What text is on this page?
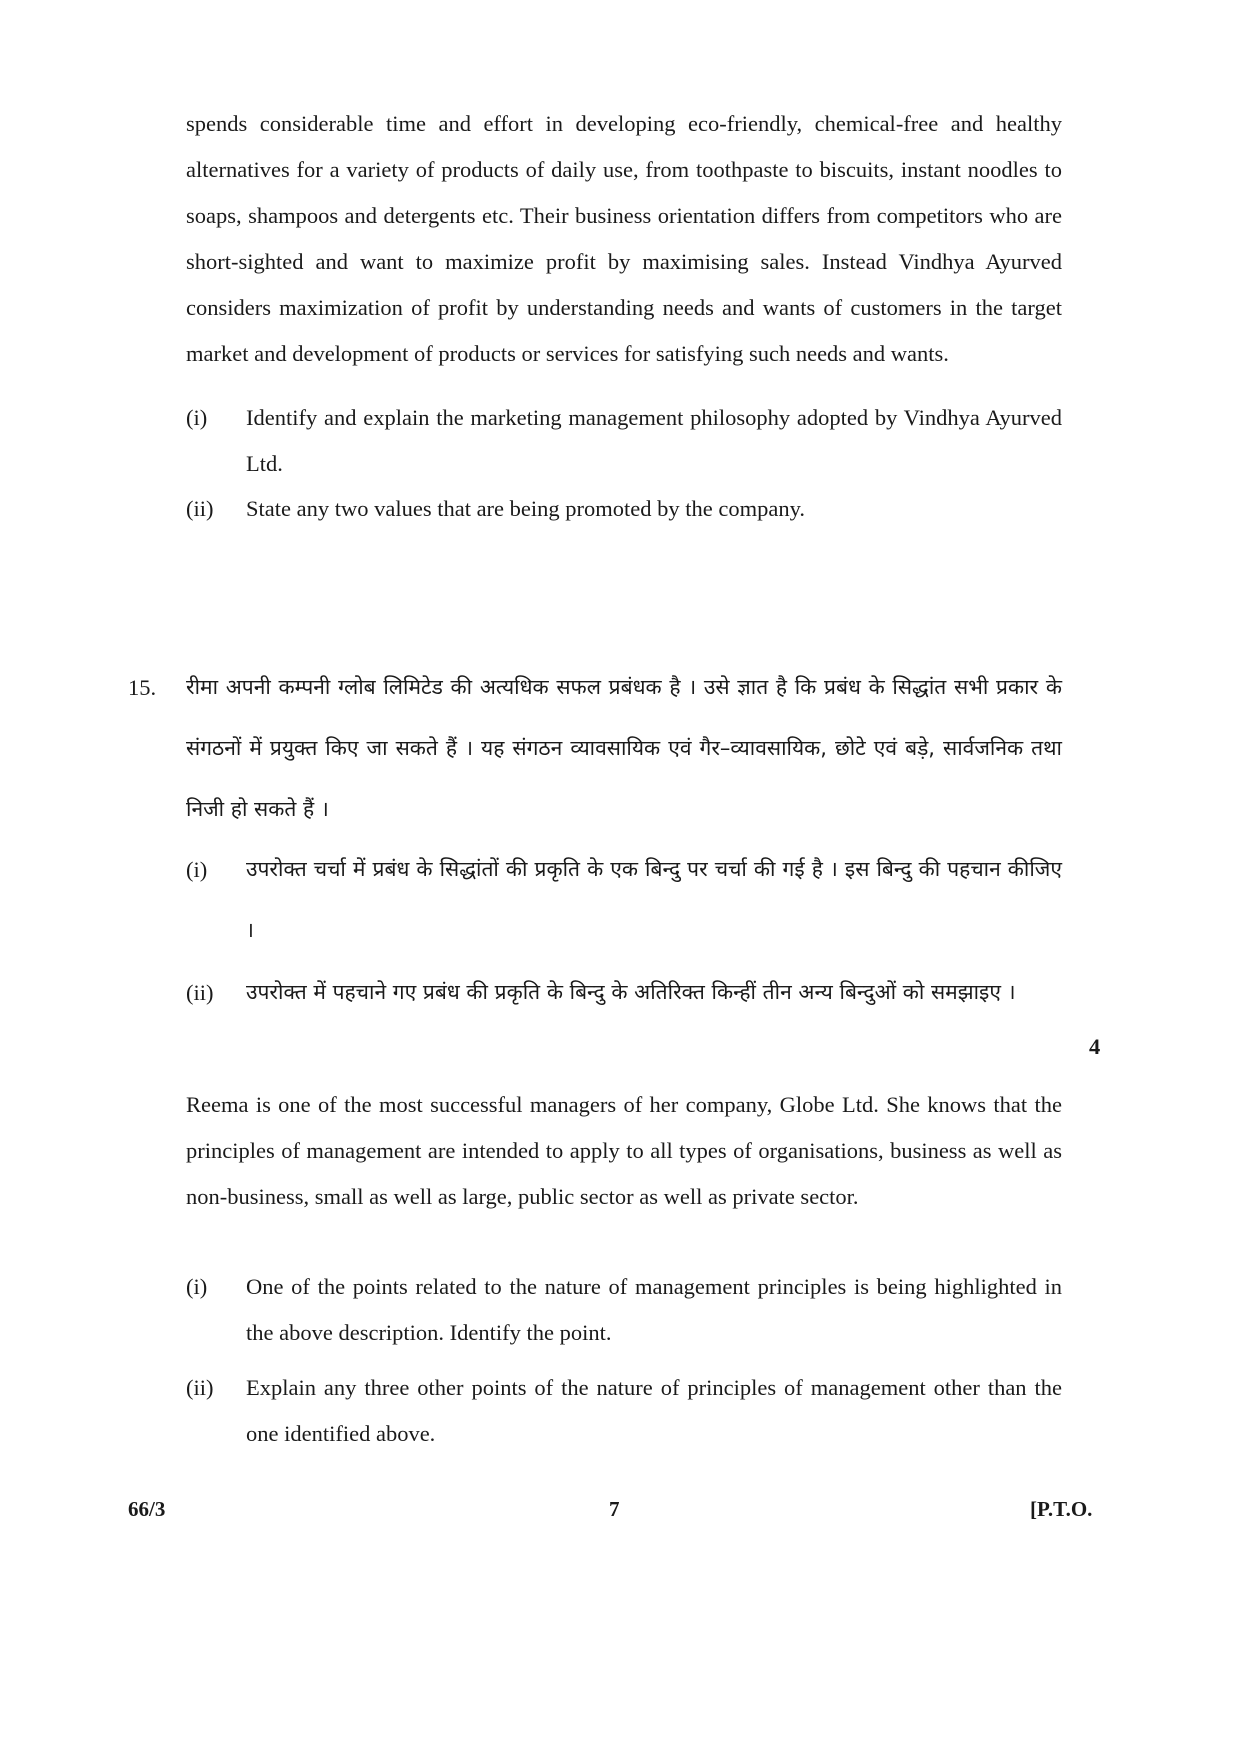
spends considerable time and effort in developing eco-friendly, chemical-free and healthy alternatives for a variety of products of daily use, from toothpaste to biscuits, instant noodles to soaps, shampoos and detergents etc. Their business orientation differs from competitors who are short-sighted and want to maximize profit by maximising sales. Instead Vindhya Ayurved considers maximization of profit by understanding needs and wants of customers in the target market and development of products or services for satisfying such needs and wants.

(i) Identify and explain the marketing management philosophy adopted by Vindhya Ayurved Ltd.
(ii) State any two values that are being promoted by the company.
15. रीमा अपनी कम्पनी ग्लोब लिमिटेड की अत्यधिक सफल प्रबंधक है । उसे ज्ञात है कि प्रबंध के सिद्धांत सभी प्रकार के संगठनों में प्रयुक्त किए जा सकते हैं । यह संगठन व्यावसायिक एवं गैर–व्यावसायिक, छोटे एवं बड़े, सार्वजनिक तथा निजी हो सकते हैं ।

(i) उपरोक्त चर्चा में प्रबंध के सिद्धांतों की प्रकृति के एक बिन्दु पर चर्चा की गई है । इस बिन्दु की पहचान कीजिए ।
(ii) उपरोक्त में पहचाने गए प्रबंध की प्रकृति के बिन्दु के अतिरिक्त किन्हीं तीन अन्य बिन्दुओं को समझाइए ।
4

Reema is one of the most successful managers of her company, Globe Ltd. She knows that the principles of management are intended to apply to all types of organisations, business as well as non-business, small as well as large, public sector as well as private sector.

(i) One of the points related to the nature of management principles is being highlighted in the above description. Identify the point.
(ii) Explain any three other points of the nature of principles of management other than the one identified above.
66/3	7	[P.T.O.
